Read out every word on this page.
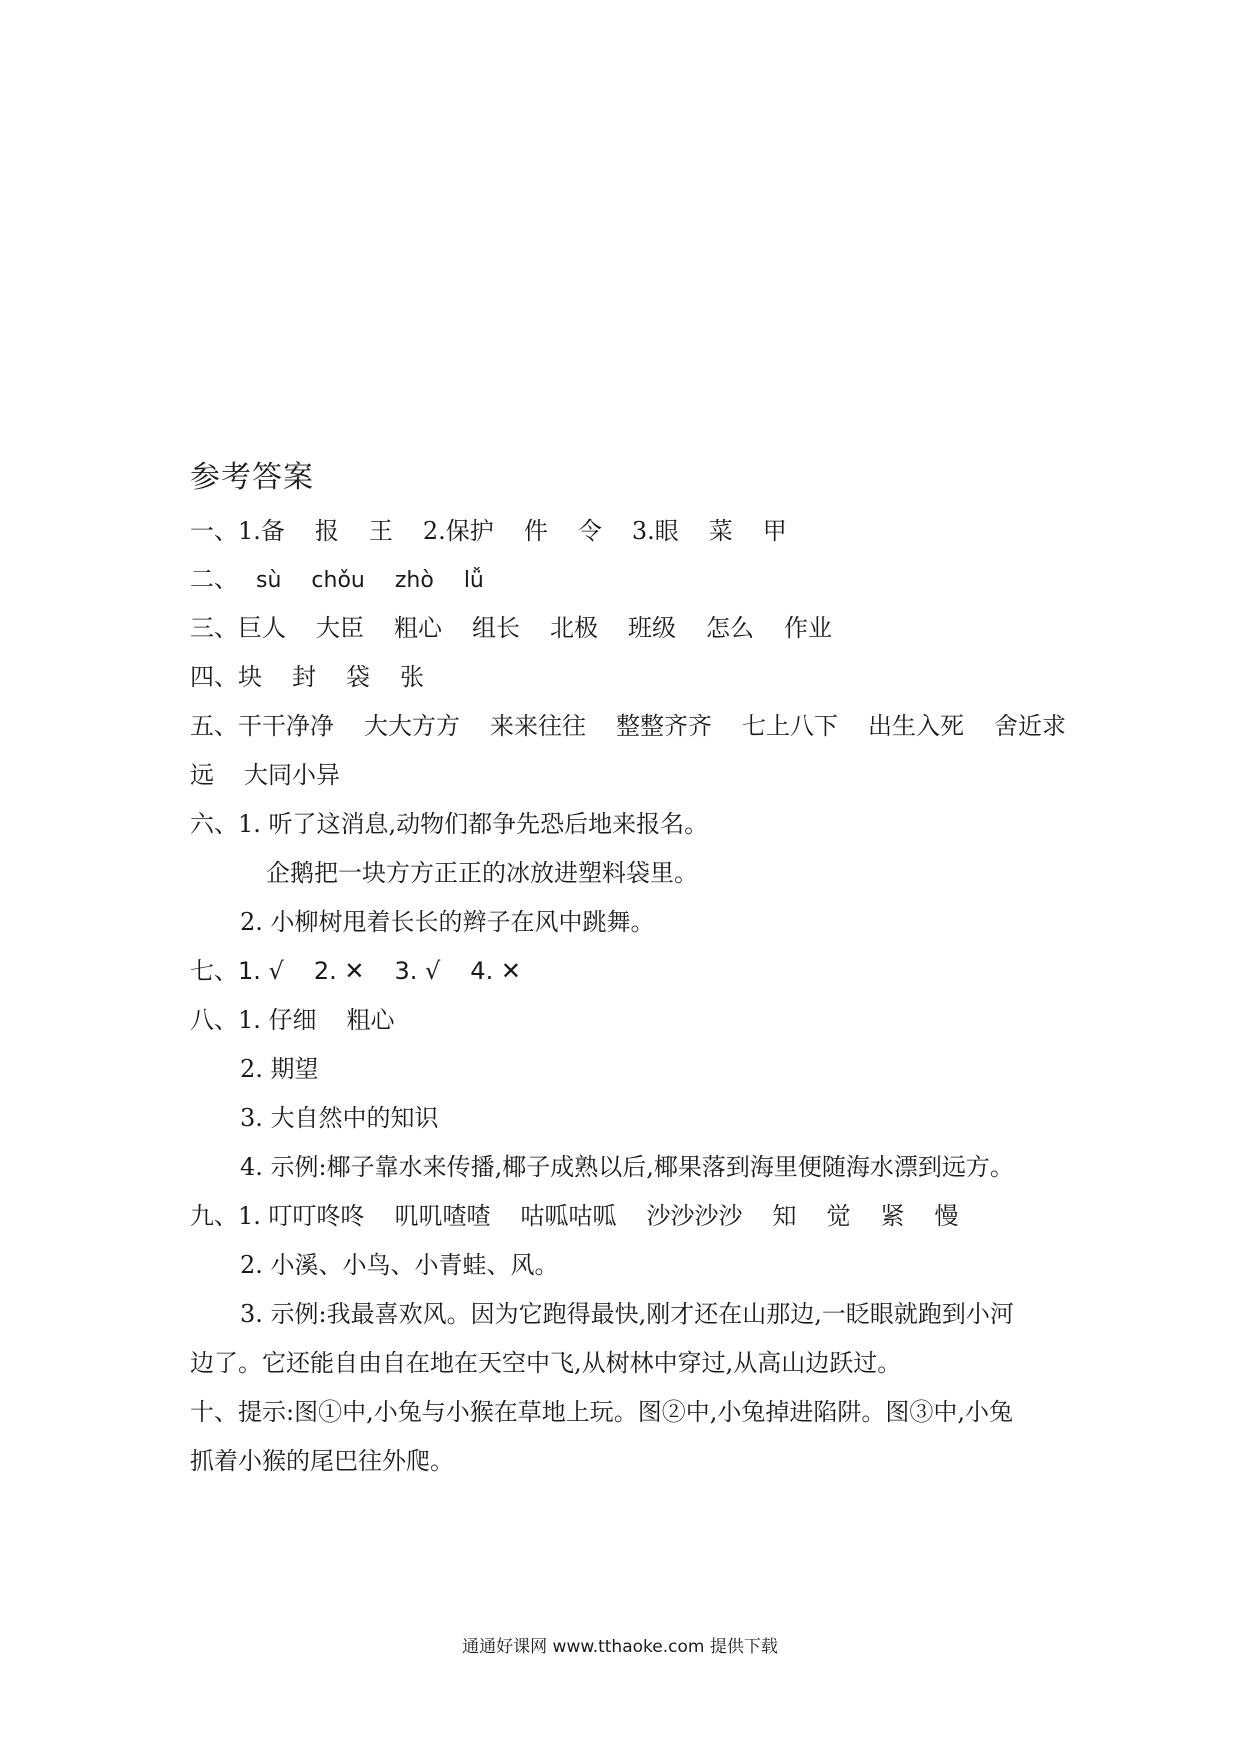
参考答案
一、1.备 报 王 2.保护 件 令 3.眼 菜 甲
二、 sù chǒu zhò lǚ
三、巨人 大臣 粗心 组长 北极 班级 怎么 作业
四、块 封 袋 张
五、干干净净 大大方方 来来往往 整整齐齐 七上八下 出生入死 舍近求
远 大同小异
六、1. 听了这消息,动物们都争先恐后地来报名。
企鹅把一块方方正正的冰放进塑料袋里。
2. 小柳树甩着长长的辫子在风中跳舞。
七、1. √ 2. ✕ 3. √ 4. ✕
八、1. 仔细 粗心
2. 期望
3. 大自然中的知识
4. 示例:椰子靠水来传播,椰子成熟以后,椰果落到海里便随海水漂到远方。
九、1. 叮叮咚咚 叽叽喳喳 咕呱咕呱 沙沙沙沙 知 觉 紧 慢
2. 小溪、小鸟、小青蛙、风。
3. 示例:我最喜欢风。因为它跑得最快,刚才还在山那边,一眨眼就跑到小河
边了。它还能自由自在地在天空中飞,从树林中穿过,从高山边跃过。
十、提示:图①中,小兔与小猴在草地上玩。图②中,小兔掉进陷阱。图③中,小兔
抓着小猴的尾巴往外爬。
通通好课网 www.tthaoke.com 提供下载
